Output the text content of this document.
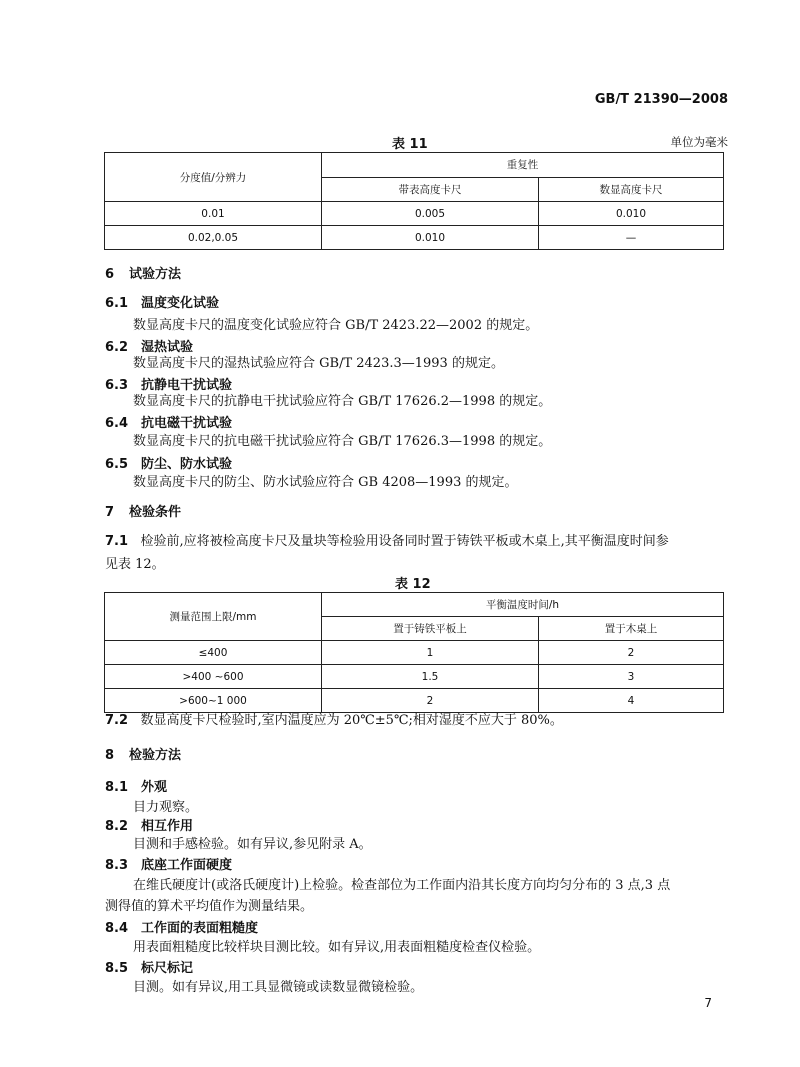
GB/T 21390—2008
表 11	单位为毫米
分度值/分辨力	重复性	
	带表高度卡尺	数显高度卡尺
0.01	0.005	0.010
0.02,0.05	0.010	—
6 试验方法
6.1 温度变化试验
数显高度卡尺的温度变化试验应符合 GB/T 2423.22—2002 的规定。
6.2 湿热试验
数显高度卡尺的湿热试验应符合 GB/T 2423.3—1993 的规定。
6.3 抗静电干扰试验
数显高度卡尺的抗静电干扰试验应符合 GB/T 17626.2—1998 的规定。
6.4 抗电磁干扰试验
数显高度卡尺的抗电磁干扰试验应符合 GB/T 17626.3—1998 的规定。
6.5 防尘、防水试验
数显高度卡尺的防尘、防水试验应符合 GB 4208—1993 的规定。
7 检验条件
7.1 检验前,应将被检高度卡尺及量块等检验用设备同时置于铸铁平板或木桌上,其平衡温度时间参
见表 12。
表 12
测量范围上限/mm	平衡温度时间/h	
	置于铸铁平板上	置于木桌上
≤400	1	2
>400 ~600	1.5	3
>600~1 000	2	4
7.2 数显高度卡尺检验时,室内温度应为 20℃±5℃;相对湿度不应大于 80%。
8 检验方法
8.1 外观
目力观察。
8.2 相互作用
目测和手感检验。如有异议,参见附录 A。
8.3 底座工作面硬度
在维氏硬度计(或洛氏硬度计)上检验。检查部位为工作面内沿其长度方向均匀分布的 3 点,3 点
测得值的算术平均值作为测量结果。
8.4 工作面的表面粗糙度
用表面粗糙度比较样块目测比较。如有异议,用表面粗糙度检查仪检验。
8.5 标尺标记
目测。如有异议,用工具显微镜或读数显微镜检验。
7
